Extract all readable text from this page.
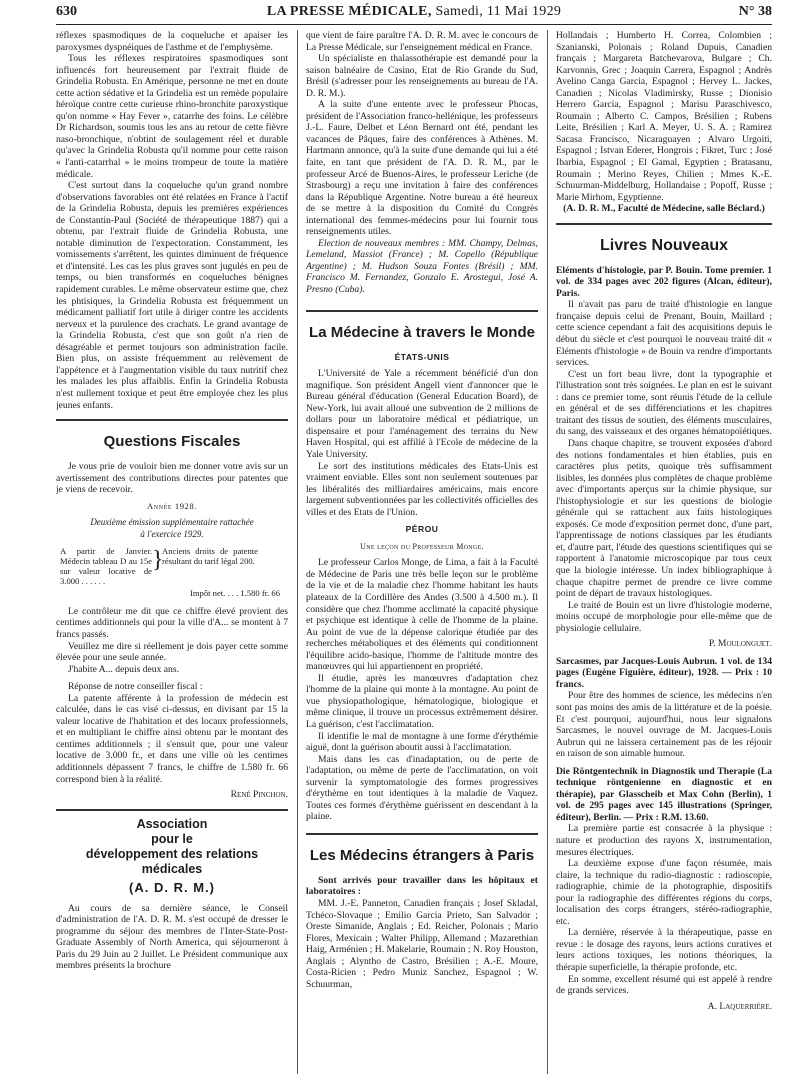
630	LA PRESSE MÉDICALE, Samedi, 11 Mai 1929	N° 38

réflexes spasmodiques de la coqueluche et apaiser les paroxysmes dyspnéiques de l'asthme et de l'emphysème.

Tous les réflexes respiratoires spasmodiques sont influencés fort heureusement par l'extrait fluide de Grindelia Robusta. En Amérique, personne ne met en doute cette action sédative et la Grindelia est un remède populaire héroïque contre cette curieuse rhino-bronchite paroxystique qu'on nomme « Hay Fever », catarrhe des foins. Le célèbre Dr Richardson, soumis tous les ans au retour de cette fièvre naso-bronchique, n'obtint de soulagement réel et durable qu'avec la Grindelia Robusta qu'il nomme pour cette raison « l'anti-catarrhal » le moins trompeur de toute la matière médicale.

C'est surtout dans la coqueluche qu'un grand nombre d'observations favorables ont été relatées en France à l'actif de la Grindelia Robusta, depuis les premières expériences de Constantin-Paul (Société de thérapeutique 1887) qui a obtenu, par l'extrait fluide de Grindelia Robusta, une notable diminution de l'expectoration. Constamment, les vomissements s'arrêtent, les quintes diminuent de fréquence et d'intensité. Les cas les plus graves sont jugulés en peu de temps, ou bien transformés en coqueluches bénignes rapidement curables. Le même observateur estime que, chez les phtisiques, la Grindelia Robusta est fréquemment un médicament palliatif fort utile à diriger contre les accidents nerveux et la purulence des crachats. Le grand avantage de la Grindelia Robusta, c'est que son goût n'a rien de désagréable et permet toujours son administration facile. Bien plus, on assiste fréquemment au relèvement de l'appétence et à l'augmentation visible du taux nutritif chez les malades les plus affaiblis. Enfin la Grindelia Robusta n'est nullement toxique et peut être employée chez les plus jeunes enfants.

Questions Fiscales

Je vous prie de vouloir bien me donner votre avis sur un avertissement des contributions directes pour patentes que je viens de recevoir.

Année 1928.
Deuxième émission supplémentaire rattachée
à l'exercice 1929.
A partir de Janvier. Médecin tableau D au 15e sur valeur locative de 3.000 . . . . . .
}
Anciens droits de patente résultant du tarif légal 200.
Impôt net. . . . 1.580 fr. 66

Le contrôleur me dit que ce chiffre élevé provient des centimes additionnels qui pour la ville d'A... se montent à 7 francs passés.

Veuillez me dire si réellement je dois payer cette somme élevée pour une seule année.

J'habite A... depuis deux ans.

Réponse de notre conseiller fiscal :

La patente afférente à la profession de médecin est calculée, dans le cas visé ci-dessus, en divisant par 15 la valeur locative de l'habitation et des locaux professionnels, et en multipliant le chiffre ainsi obtenu par le montant des centimes additionnels ; il s'ensuit que, pour une valeur locative de 3.000 fr., et dans une ville où les centimes additionnels dépassent 7 francs, le chiffre de 1.580 fr. 66 correspond bien à la réalité.

René Pinchon.
Association
pour le
développement des relations médicales
(A. D. R. M.)

Au cours de sa dernière séance, le Conseil d'administration de l'A. D. R. M. s'est occupé de dresser le programme du séjour des membres de l'Inter-State-Post-Graduate Assembly of North America, qui séjourneront à Paris du 29 Juin au 2 Juillet. Le Président communique aux membres présents la brochure

que vient de faire paraître l'A. D. R. M. avec le concours de La Presse Médicale, sur l'enseignement médical en France.

Un spécialiste en thalassothérapie est demandé pour la saison balnéaire de Casino, Etat de Rio Grande du Sud, Brésil (s'adresser pour les renseignements au bureau de l'A. D. R. M.).

A la suite d'une entente avec le professeur Phocas, président de l'Association franco-hellénique, les professeurs J.-L. Faure, Delbet et Léon Bernard ont été, pendant les vacances de Pâques, faire des conférences à Athènes. M. Hartmann annonce, qu'à la suite d'une demande qui lui a été faite, en tant que président de l'A. D. R. M., par le professeur Arcé de Buenos-Aires, le professeur Leriche (de Strasbourg) a reçu une invitation à faire des conférences dans la République Argentine. Notre bureau a été heureux de se mettre à la disposition du Comité du Congrès international des femmes-médecins pour lui fournir tous renseignements utiles.

Election de nouveaux membres : MM. Champy, Delmas, Lemeland, Massiot (France) ; M. Copello (République Argentine) ; M. Hudson Souza Fontes (Brésil) ; MM. Francisco M. Fernandez, Gonzalo E. Arostegui, José A. Presno (Cuba).

La Médecine à travers le Monde
ÉTATS-UNIS

L'Université de Yale a récemment bénéficié d'un don magnifique. Son président Angell vient d'annoncer que le Bureau général d'éducation (General Education Board), de New-York, lui avait alloué une subvention de 2 millions de dollars pour un laboratoire médical et pédiatrique, un dispensaire et pour l'aménagement des terrains du New Haven Hospital, qui est affilié à l'Ecole de médecine de la Yale University.

Le sort des institutions médicales des Etats-Unis est vraiment enviable. Elles sont non seulement soutenues par les libéralités des milliardaires américains, mais encore largement subventionnées par les collectivités officielles des villes et des Etats de l'Union.

PÉROU
Une leçon du Professeur Monge.

Le professeur Carlos Monge, de Lima, a fait à la Faculté de Médecine de Paris une très belle leçon sur le problème de la vie et de la maladie chez l'homme habitant les hauts plateaux de la Cordillère des Andes (3.500 à 4.500 m.). Il considère que chez l'homme acclimaté la capacité physique et psychique est identique à celle de l'homme de la plaine. Au point de vue de la dépense calorique étudiée par des recherches métaboliques et des éléments qui conditionnent l'équilibre acido-basique, l'homme de l'altitude montre des manœuvres qui lui appartiennent en propriété.

Il étudie, après les manœuvres d'adaptation chez l'homme de la plaine qui monte à la montagne. Au point de vue physiopathologique, hématologique, biologique et même clinique, il trouve un processus extrêmement désirer. La guérison, c'est l'acclimatation.

Il identifie le mal de montagne à une forme d'érythémie aiguë, dont la guérison aboutit aussi à l'acclimatation.

Mais dans les cas d'inadaptation, ou de perte de l'adaptation, ou même de perte de l'acclimatation, on voit survenir la symptomatologie des formes progressives d'érythème en tout identiques à la maladie de Vaquez. Toutes ces formes d'érythème guérissent en descendant à la plaine.

Les Médecins étrangers à Paris

Sont arrivés pour travailler dans les hôpitaux et laboratoires :

MM. J.-E. Panneton, Canadien français ; Josef Skladal, Tchéco-Slovaque ; Emilio Garcia Prieto, San Salvador ; Oreste Simanide, Anglais ; Ed. Reicher, Polonais ; Mario Flores, Mexicain ; Walter Philipp, Allemand ; Mazarethian Haig, Arménien ; H. Makelarie, Roumain ; N. Roy Houston, Anglais ; Alyntho de Castro, Brésilien ; A.-E. Moure, Costa-Ricien ; Pedro Muniz Sanchez, Espagnol ; W. Schuurman,

Hollandais ; Humberto H. Correa, Colombien ; Szanianski, Polonais ; Roland Dupuis, Canadien français ; Margareta Batchevarova, Bulgare ; Ch. Karvonnis, Grec ; Joaquin Carrera, Espagnol ; Andrès Avelino Canga Garcia, Espagnol ; Hervey L. Jackes, Canadien ; Nicolas Vladimirsky, Russe ; Dionisio Herrero Garcia, Espagnol ; Marisu Paraschivesco, Roumain ; Alberto C. Campos, Brésilien ; Rubens Leite, Brésilien ; Karl A. Meyer, U. S. A. ; Ramirez Sacasa Francisco, Nicaraguayen ; Alvaro Urgoiti, Espagnol ; Istvan Ederer, Hongrois ; Fikret, Turc ; José Ibarbia, Espagnol ; El Gamal, Egyptien ; Bratasanu, Roumain ; Merino Reyes, Chilien ; Mmes K.-E. Schuurman-Middelburg, Hollandaise ; Popoff, Russe ; Marie Mirhom, Egyptienne.

(A. D. R. M., Faculté de Médecine, salle Béclard.)

Livres Nouveaux

Eléments d'histologie, par P. Bouin. Tome premier. 1 vol. de 334 pages avec 202 figures (Alcan, éditeur), Paris.

Il n'avait pas paru de traité d'histologie en langue française depuis celui de Prenant, Bouin, Maillard ; cette science cependant a fait des acquisitions depuis le début du siècle et c'est pourquoi le nouveau traité dit « Eléments d'histologie » de Bouin va rendre d'importants services.

C'est un fort beau livre, dont la typographie et l'illustration sont très soignées. Le plan en est le suivant : dans ce premier tome, sont réunis l'étude de la cellule en général et de ses différenciations et les chapitres traitant des tissus de soutien, des éléments musculaires, du sang, des vaisseaux et des organes hématopoïétiques.

Dans chaque chapitre, se trouvent exposées d'abord des notions fondamentales et bien établies, puis en caractères plus petits, quoique très suffisamment lisibles, les données plus complètes de chaque problème avec d'importants aperçus sur la chimie physique, sur l'histophysiologie et sur les questions de biologie générale qui se rattachent aux faits histologiques exposés. Ce mode d'exposition permet donc, d'une part, l'apprentissage de notions classiques par les étudiants et, d'autre part, l'étude des questions scientifiques qui se rapportent à l'anatomie microscopique par tous ceux que la biologie intéresse. Un index bibliographique à chaque chapitre permet de prendre ce livre comme point de départ de travaux histologiques.

Le traité de Bouin est un livre d'histologie moderne, moins occupé de morphologie pour elle-même que de physiologie cellulaire.

P. Moulonguet.

Sarcasmes, par Jacques-Louis Aubrun. 1 vol. de 134 pages (Eugène Figuière, éditeur), 1928. — Prix : 10 francs.

Pour être des hommes de science, les médecins n'en sont pas moins des amis de la littérature et de la poésie. Et c'est pourquoi, aujourd'hui, nous leur signalons Sarcasmes, le nouvel ouvrage de M. Jacques-Louis Aubrun qui ne laissera certainement pas de les réjouir en raison de son aimable humour.

Die Röntgentechnik in Diagnostik und Therapie (La technique röntgenienne en diagnostic et en thérapie), par Glasscheib et Max Cohn (Berlin), 1 vol. de 295 pages avec 145 illustrations (Springer, éditeur), Berlin. — Prix : R.M. 13.60.

La première partie est consacrée à la physique : nature et production des rayons X, instrumentation, mesures électriques.

La deuxième expose d'une façon résumée, mais claire, la technique du radio-diagnostic : radioscopie, radiographie, chimie de la photographie, dispositifs pour la radiographie des différentes régions du corps, localisation des corps étrangers, stéréo-radiographie, etc.

La dernière, réservée à la thérapeutique, passe en revue : le dosage des rayons, leurs actions curatives et leurs actions toxiques, les notions théoriques, la thérapie superficielle, la thérapie profonde, etc.

En somme, excellent résumé qui est appelé à rendre de grands services.

A. Laquerrière.
